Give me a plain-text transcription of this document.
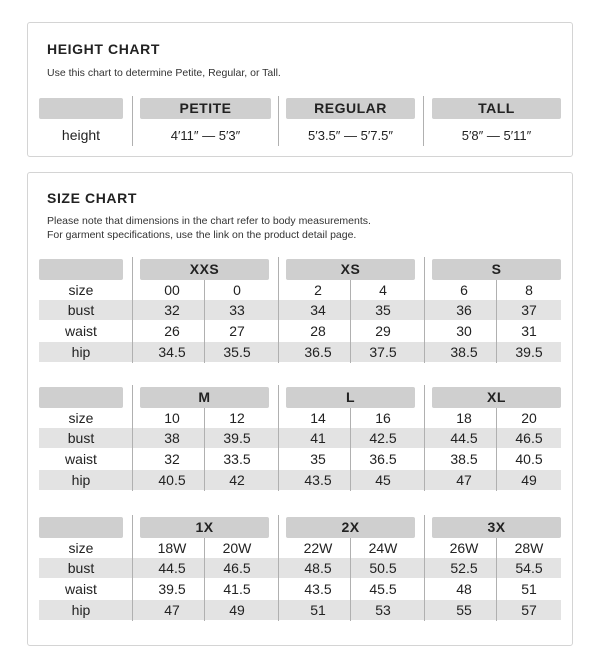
HEIGHT CHART
Use this chart to determine Petite, Regular, or Tall.
PETITE	REGULAR	TALL
height	4′11″ — 5′3″	5′3.5″ — 5′7.5″	5′8″ — 5′11″
SIZE CHART
Please note that dimensions in the chart refer to body measurements.
For garment specifications, use the link on the product detail page.
XXS	XS	S
size	00	0	2	4	6	8
bust	32	33	34	35	36	37
waist	26	27	28	29	30	31
hip	34.5	35.5	36.5	37.5	38.5	39.5
M	L	XL
size	10	12	14	16	18	20
bust	38	39.5	41	42.5	44.5	46.5
waist	32	33.5	35	36.5	38.5	40.5
hip	40.5	42	43.5	45	47	49
1X	2X	3X
size	18W	20W	22W	24W	26W	28W
bust	44.5	46.5	48.5	50.5	52.5	54.5
waist	39.5	41.5	43.5	45.5	48	51
hip	47	49	51	53	55	57
